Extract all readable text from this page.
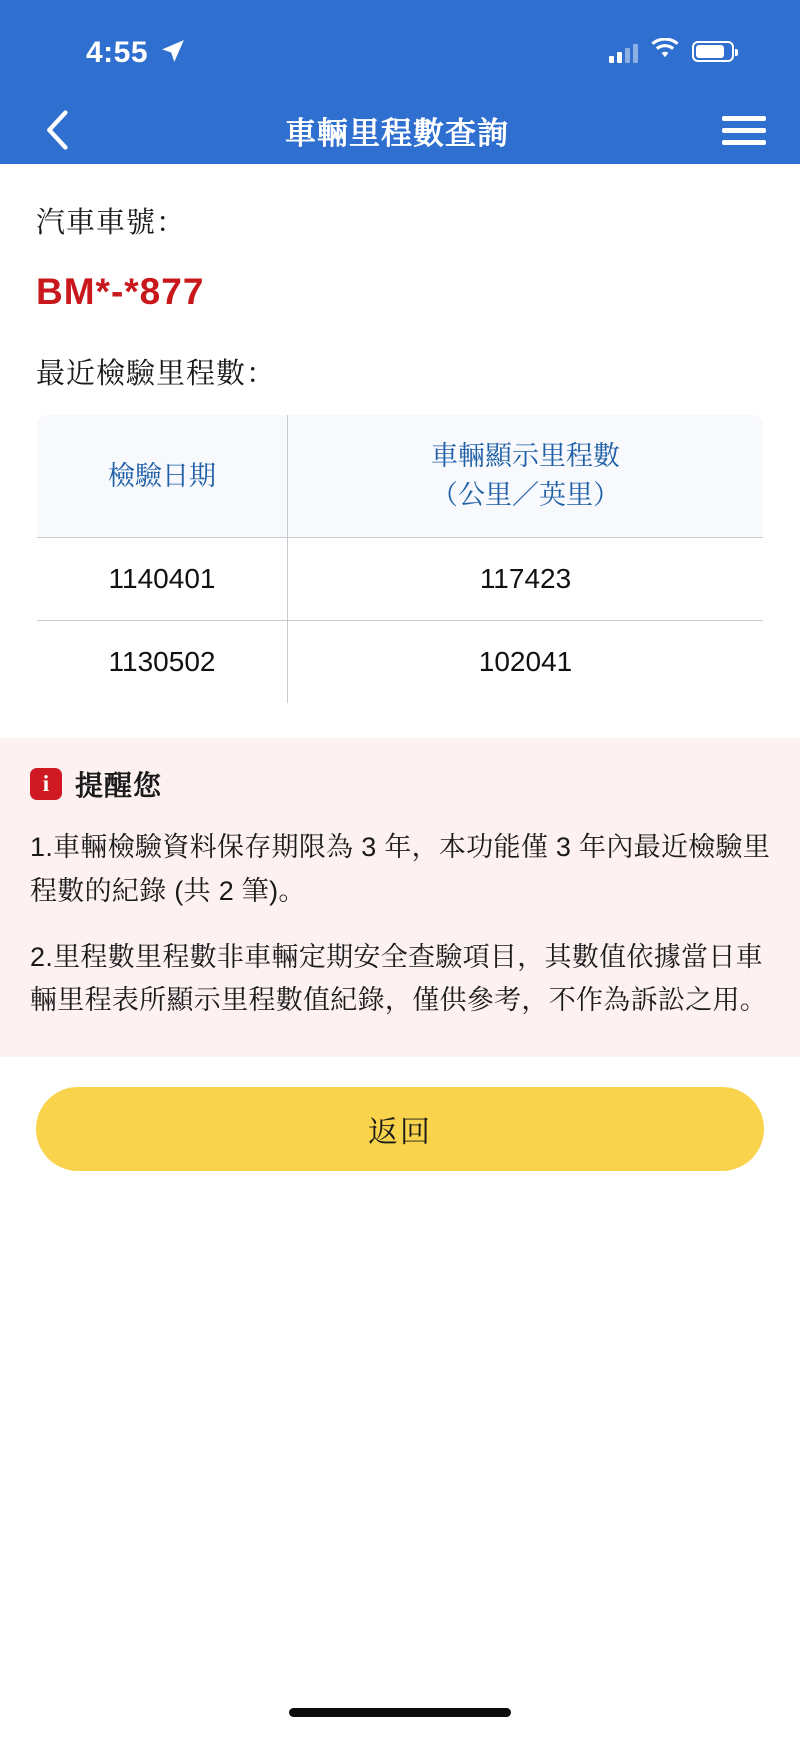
4:55
車輛里程數查詢
汽車車號：
BM*-*877
最近檢驗里程數：
檢驗日期	車輛顯示里程數
（公里／英里）

1140401	117423
1130502	102041
i 提醒您
1.車輛檢驗資料保存期限為 3 年，本功能僅 3 年內最近檢驗里程數的紀錄 (共 2 筆)。
2.里程數里程數非車輛定期安全查驗項目，其數值依據當日車輛里程表所顯示里程數值紀錄，僅供參考，不作為訴訟之用。
返回
